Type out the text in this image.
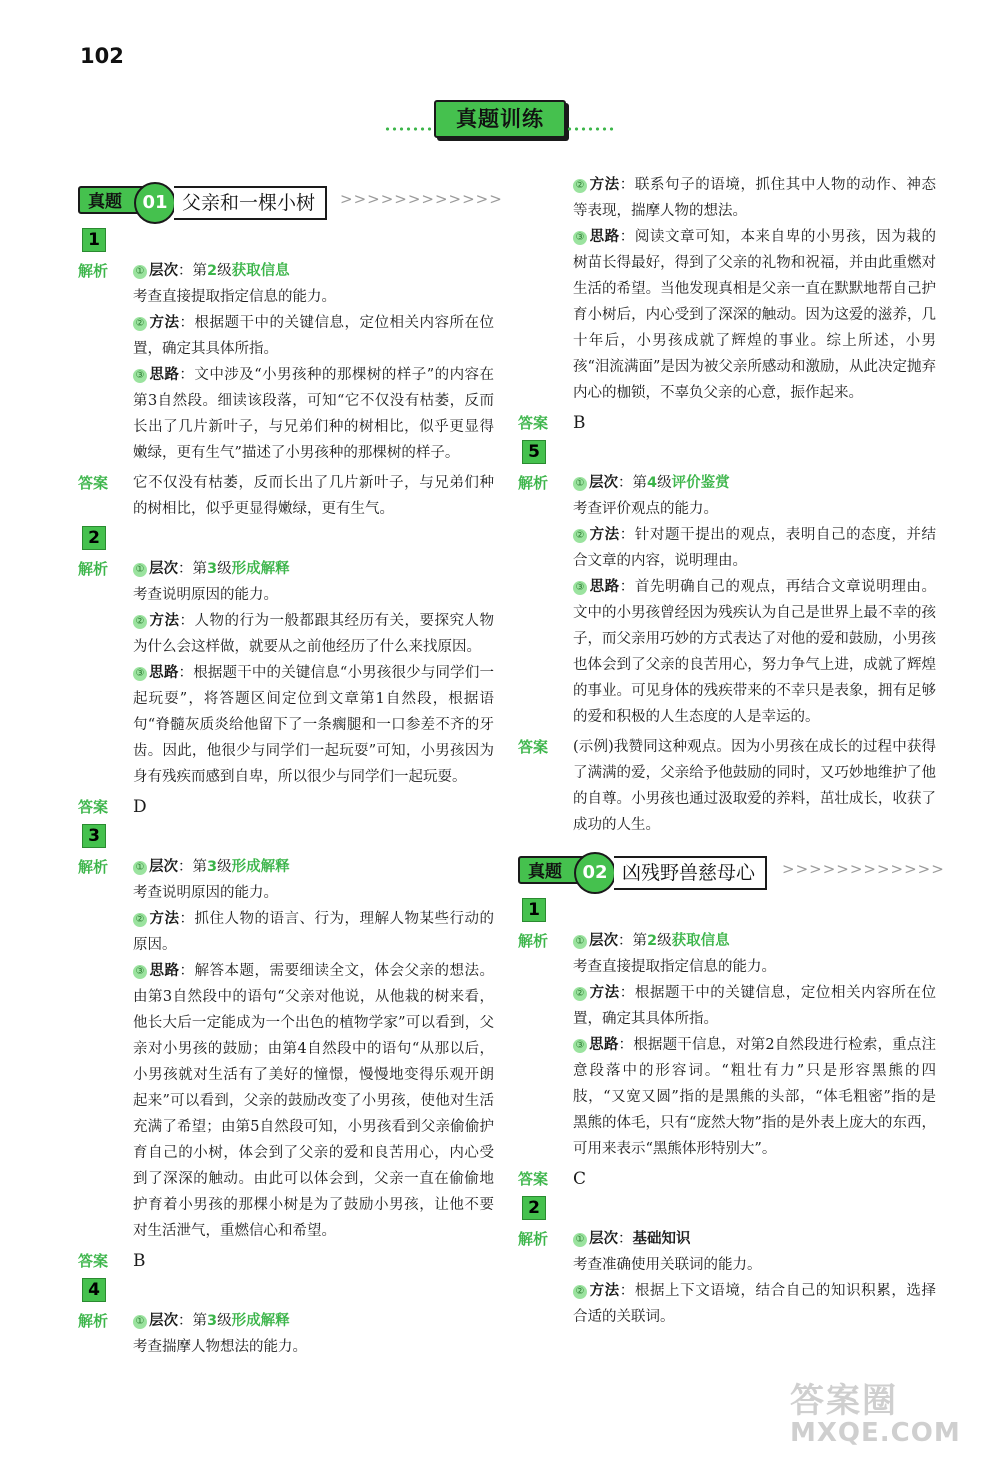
102
真题训练
真题	01 父亲和一棵小树	>>>>>>>>>>>>
1
解析	① 层次：第2级获取信息
考查直接提取指定信息的能力。
② 方法：根据题干中的关键信息，定位相关内容所在位置，确定其具体所指。
③ 思路：文中涉及“小男孩种的那棵树的样子”的内容在第3自然段。细读该段落，可知“它不仅没有枯萎，反而长出了几片新叶子，与兄弟们种的树相比，似乎更显得嫩绿，更有生气”描述了小男孩种的那棵树的样子。
答案 它不仅没有枯萎，反而长出了几片新叶子，与兄弟们种的树相比，似乎更显得嫩绿，更有生气。
2
解析	① 层次：第3级形成解释
考查说明原因的能力。
② 方法：人物的行为一般都跟其经历有关，要探究人物为什么会这样做，就要从之前他经历了什么来找原因。
③ 思路：根据题干中的关键信息“小男孩很少与同学们一起玩耍”，将答题区间定位到文章第1自然段，根据语句“脊髓灰质炎给他留下了一条瘸腿和一口参差不齐的牙齿。因此，他很少与同学们一起玩耍”可知，小男孩因为身有残疾而感到自卑，所以很少与同学们一起玩耍。
答案 D
3
解析	① 层次：第3级形成解释
考查说明原因的能力。
② 方法：抓住人物的语言、行为，理解人物某些行动的原因。
③ 思路：解答本题，需要细读全文，体会父亲的想法。由第3自然段中的语句“父亲对他说，从他栽的树来看，他长大后一定能成为一个出色的植物学家”可以看到，父亲对小男孩的鼓励；由第4自然段中的语句“从那以后，小男孩就对生活有了美好的憧憬，慢慢地变得乐观开朗起来”可以看到，父亲的鼓励改变了小男孩，使他对生活充满了希望；由第5自然段可知，小男孩看到父亲偷偷护育自己的小树，体会到了父亲的爱和良苦用心，内心受到了深深的触动。由此可以体会到，父亲一直在偷偷地护育着小男孩的那棵小树是为了鼓励小男孩，让他不要对生活泄气，重燃信心和希望。
答案 B
4
解析	① 层次：第3级形成解释
考查揣摩人物想法的能力。
② 方法：联系句子的语境，抓住其中人物的动作、神态等表现，揣摩人物的想法。
③ 思路：阅读文章可知，本来自卑的小男孩，因为栽的树苗长得最好，得到了父亲的礼物和祝福，并由此重燃对生活的希望。当他发现真相是父亲一直在默默地帮自己护育小树后，内心受到了深深的触动。因为这爱的滋养，几十年后，小男孩成就了辉煌的事业。综上所述，小男孩“泪流满面”是因为被父亲所感动和激励，从此决定抛弃内心的枷锁，不辜负父亲的心意，振作起来。
答案 B
5
解析	① 层次：第4级评价鉴赏
考查评价观点的能力。
② 方法：针对题干提出的观点，表明自己的态度，并结合文章的内容，说明理由。
③ 思路：首先明确自己的观点，再结合文章说明理由。文中的小男孩曾经因为残疾认为自己是世界上最不幸的孩子，而父亲用巧妙的方式表达了对他的爱和鼓励，小男孩也体会到了父亲的良苦用心，努力争气上进，成就了辉煌的事业。可见身体的残疾带来的不幸只是表象，拥有足够的爱和积极的人生态度的人是幸运的。
答案 (示例)我赞同这种观点。因为小男孩在成长的过程中获得了满满的爱，父亲给予他鼓励的同时，又巧妙地维护了他的自尊。小男孩也通过汲取爱的养料，茁壮成长，收获了成功的人生。
真题	02 凶残野兽慈母心	>>>>>>>>>>>>
1
解析	① 层次：第2级获取信息
考查直接提取指定信息的能力。
② 方法：根据题干中的关键信息，定位相关内容所在位置，确定其具体所指。
③ 思路：根据题干信息，对第2自然段进行检索，重点注意段落中的形容词。“粗壮有力”只是形容黑熊的四肢，“又宽又圆”指的是黑熊的头部，“体毛粗密”指的是黑熊的体毛，只有“庞然大物”指的是外表上庞大的东西，可用来表示“黑熊体形特别大”。
答案 C
2
解析	① 层次：基础知识
考查准确使用关联词的能力。
② 方法：根据上下文语境，结合自己的知识积累，选择合适的关联词。
答案圈
MXQE.COM
